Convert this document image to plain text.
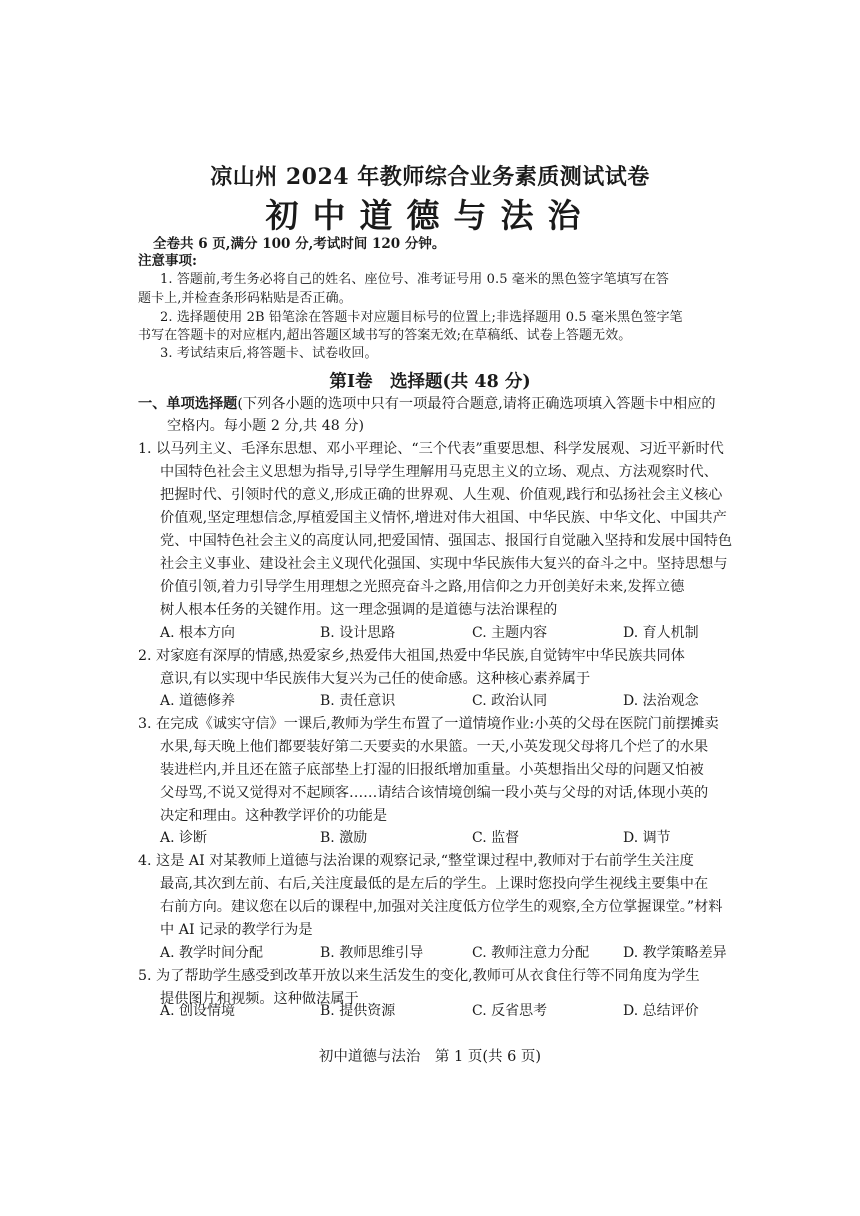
凉山州 2024 年教师综合业务素质测试试卷
初中道德与法治
全卷共 6 页,满分 100 分,考试时间 120 分钟。
注意事项:
1. 答题前,考生务必将自己的姓名、座位号、准考证号用 0.5 毫米的黑色签字笔填写在答
题卡上,并检查条形码粘贴是否正确。
2. 选择题使用 2B 铅笔涂在答题卡对应题目标号的位置上;非选择题用 0.5 毫米黑色签字笔
书写在答题卡的对应框内,超出答题区域书写的答案无效;在草稿纸、试卷上答题无效。
3. 考试结束后,将答题卡、试卷收回。
第Ⅰ卷　选择题(共 48 分)
一、单项选择题(下列各小题的选项中只有一项最符合题意,请将正确选项填入答题卡中相应的
空格内。每小题 2 分,共 48 分)
1. 以马列主义、毛泽东思想、邓小平理论、“三个代表”重要思想、科学发展观、习近平新时代
中国特色社会主义思想为指导,引导学生理解用马克思主义的立场、观点、方法观察时代、
把握时代、引领时代的意义,形成正确的世界观、人生观、价值观,践行和弘扬社会主义核心
价值观,坚定理想信念,厚植爱国主义情怀,增进对伟大祖国、中华民族、中华文化、中国共产
党、中国特色社会主义的高度认同,把爱国情、强国志、报国行自觉融入坚持和发展中国特色
社会主义事业、建设社会主义现代化强国、实现中华民族伟大复兴的奋斗之中。坚持思想与
价值引领,着力引导学生用理想之光照亮奋斗之路,用信仰之力开创美好未来,发挥立德
树人根本任务的关键作用。这一理念强调的是道德与法治课程的
A. 根本方向	B. 设计思路	C. 主题内容	D. 育人机制
2. 对家庭有深厚的情感,热爱家乡,热爱伟大祖国,热爱中华民族,自觉铸牢中华民族共同体
意识,有以实现中华民族伟大复兴为己任的使命感。这种核心素养属于
A. 道德修养	B. 责任意识	C. 政治认同	D. 法治观念
3. 在完成《诚实守信》一课后,教师为学生布置了一道情境作业:小英的父母在医院门前摆摊卖
水果,每天晚上他们都要装好第二天要卖的水果篮。一天,小英发现父母将几个烂了的水果
装进栏内,并且还在篮子底部垫上打湿的旧报纸增加重量。小英想指出父母的问题又怕被
父母骂,不说又觉得对不起顾客……请结合该情境创编一段小英与父母的对话,体现小英的
决定和理由。这种教学评价的功能是
A. 诊断	B. 激励	C. 监督	D. 调节
4. 这是 AI 对某教师上道德与法治课的观察记录,“整堂课过程中,教师对于右前学生关注度
最高,其次到左前、右后,关注度最低的是左后的学生。上课时您投向学生视线主要集中在
右前方向。建议您在以后的课程中,加强对关注度低方位学生的观察,全方位掌握课堂。”材料
中 AI 记录的教学行为是
A. 教学时间分配	B. 教师思维引导	C. 教师注意力分配 D. 教学策略差异
5. 为了帮助学生感受到改革开放以来生活发生的变化,教师可从衣食住行等不同角度为学生
提供图片和视频。这种做法属于
A. 创设情境	B. 提供资源	C. 反省思考	D. 总结评价
初中道德与法治　第 1 页(共 6 页)
